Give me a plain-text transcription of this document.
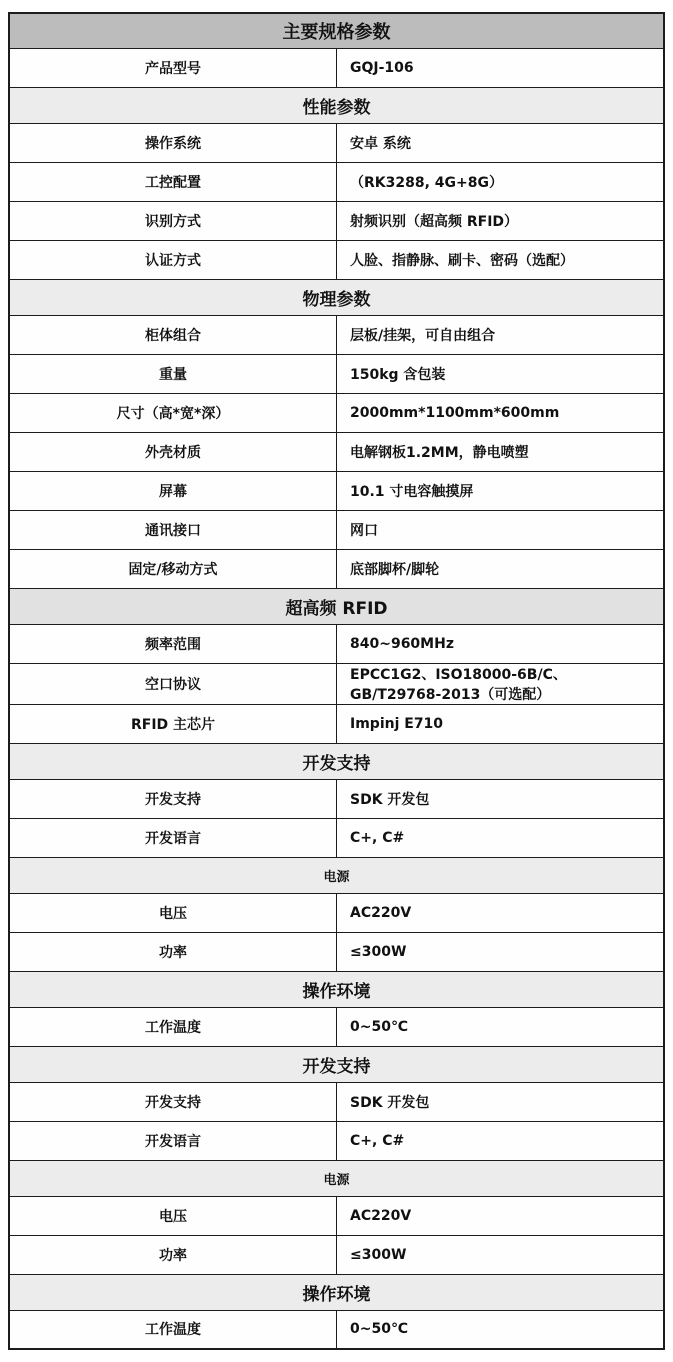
主要规格参数	
产品型号	GQJ-106
性能参数	
操作系统	安卓 系统
工控配置	（RK3288, 4G+8G）
识别方式	射频识别（超高频 RFID）
认证方式	人脸、指静脉、刷卡、密码（选配）
物理参数	
柜体组合	层板/挂架，可自由组合
重量	150kg 含包装
尺寸（高*宽*深）	2000mm*1100mm*600mm
外壳材质	电解钢板1.2MM，静电喷塑
屏幕	10.1 寸电容触摸屏
通讯接口	网口
固定/移动方式	底部脚杯/脚轮
超高频 RFID	
频率范围	840~960MHz
空口协议	EPCC1G2、ISO18000-6B/C、GB/T29768-2013（可选配）
RFID 主芯片	Impinj E710
开发支持	
开发支持	SDK 开发包
开发语言	C+, C#
电源	
电压	AC220V
功率	≤300W
操作环境	
工作温度	0~50℃
开发支持	
开发支持	SDK 开发包
开发语言	C+, C#
电源	
电压	AC220V
功率	≤300W
操作环境	
工作温度	0~50℃
